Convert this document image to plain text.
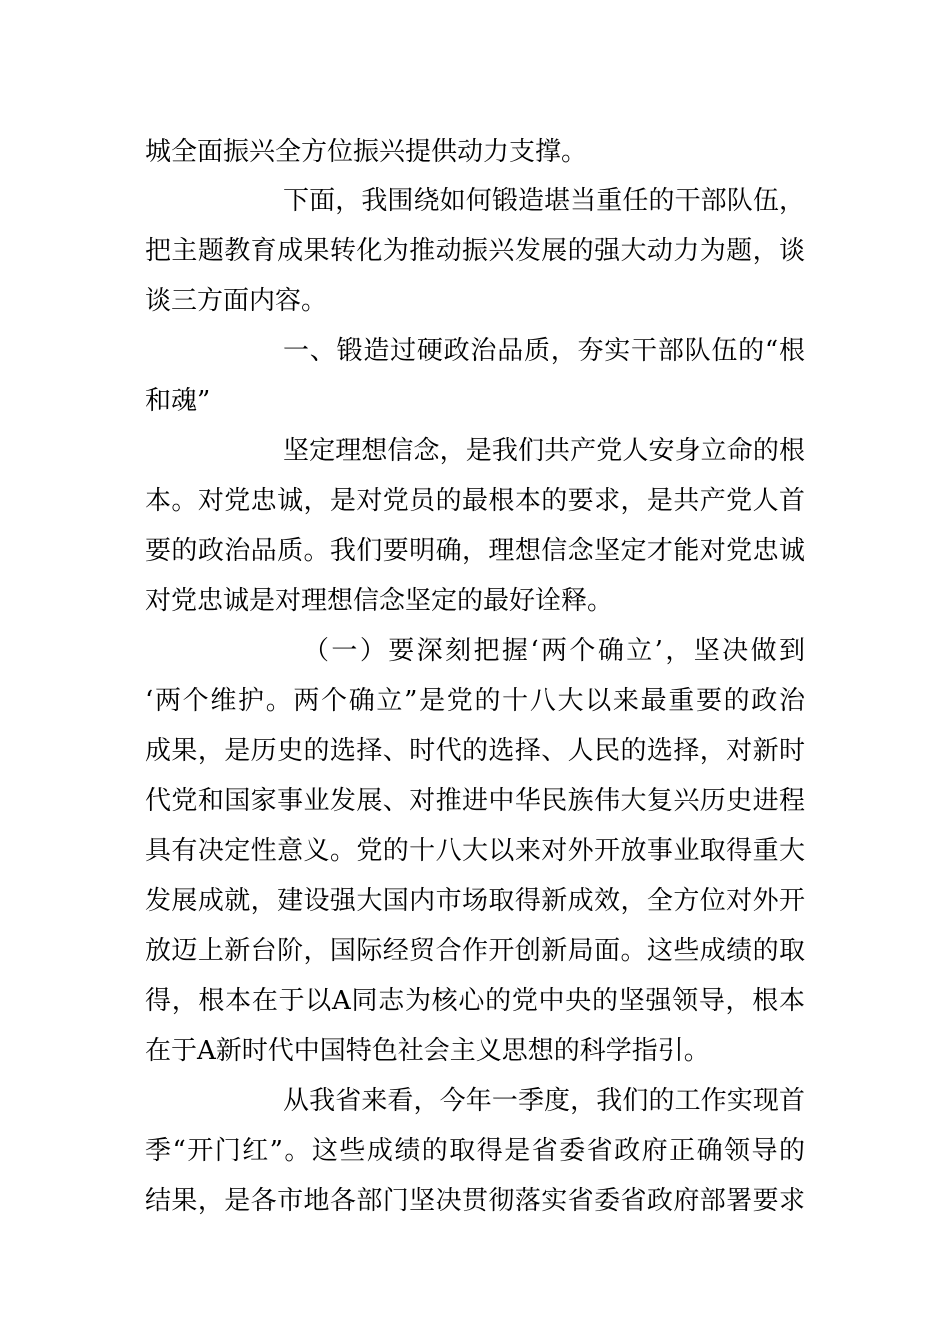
城全面振兴全方位振兴提供动力支撑。
下面，我围绕如何锻造堪当重任的干部队伍，
把主题教育成果转化为推动振兴发展的强大动力为题，谈
谈三方面内容。
一、锻造过硬政治品质，夯实干部队伍的“根
和魂”
坚定理想信念，是我们共产党人安身立命的根
本。对党忠诚，是对党员的最根本的要求，是共产党人首
要的政治品质。我们要明确，理想信念坚定才能对党忠诚
对党忠诚是对理想信念坚定的最好诠释。
（一）要深刻把握‘两个确立’，坚决做到
‘两个维护。两个确立”是党的十八大以来最重要的政治
成果，是历史的选择、时代的选择、人民的选择，对新时
代党和国家事业发展、对推进中华民族伟大复兴历史进程
具有决定性意义。党的十八大以来对外开放事业取得重大
发展成就，建设强大国内市场取得新成效，全方位对外开
放迈上新台阶，国际经贸合作开创新局面。这些成绩的取
得，根本在于以A同志为核心的党中央的坚强领导，根本
在于A新时代中国特色社会主义思想的科学指引。
从我省来看，今年一季度，我们的工作实现首
季“开门红”。这些成绩的取得是省委省政府正确领导的
结果，是各市地各部门坚决贯彻落实省委省政府部署要求
